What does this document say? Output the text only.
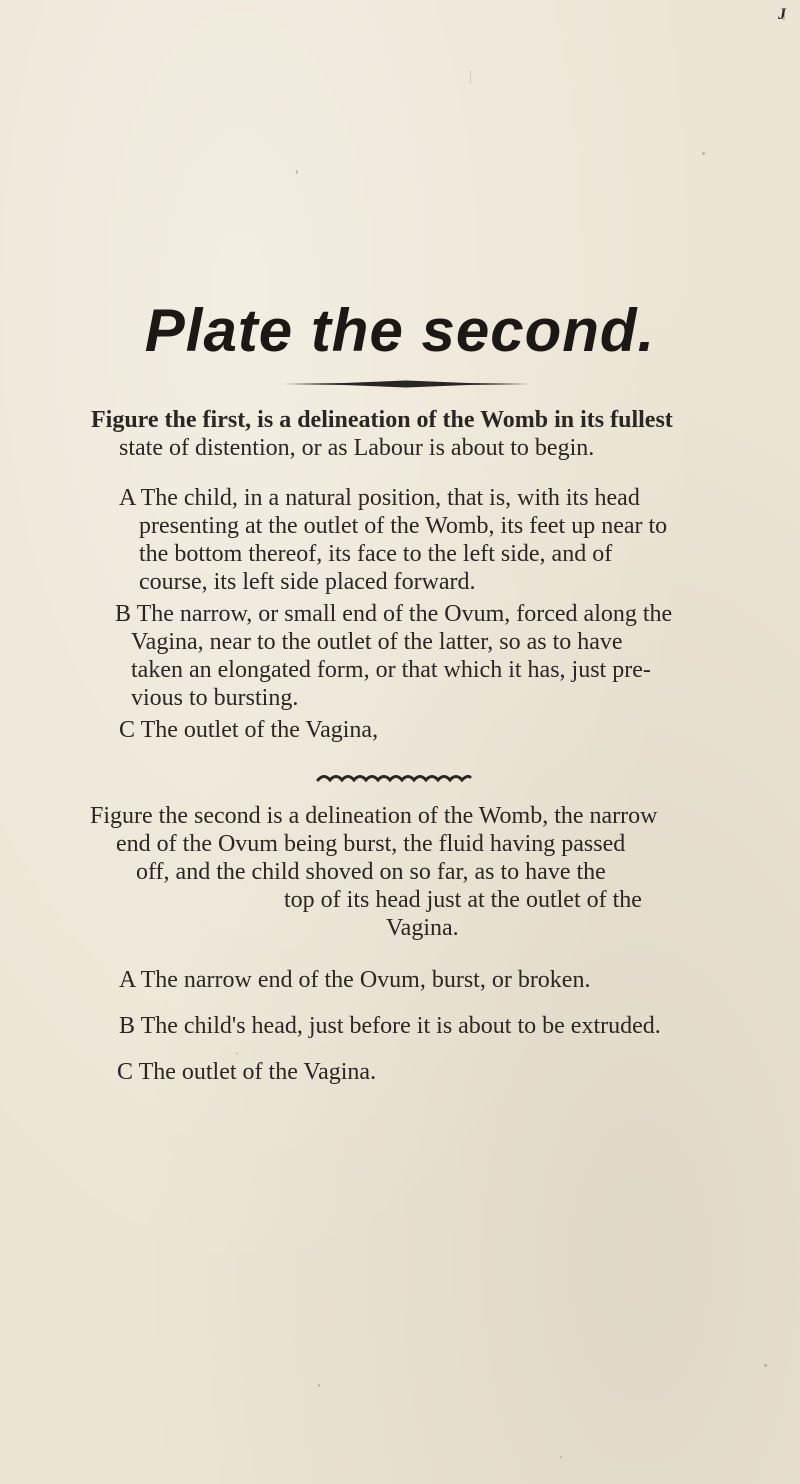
J
Plate the second.
Figure the first, is a delineation of the Womb in its fullest
state of distention, or as Labour is about to begin.
A The child, in a natural position, that is, with its head
presenting at the outlet of the Womb, its feet up near to
the bottom thereof, its face to the left side, and of
course, its left side placed forward.
B The narrow, or small end of the Ovum, forced along the
Vagina, near to the outlet of the latter, so as to have
taken an elongated form, or that which it has, just pre-
vious to bursting.
C The outlet of the Vagina,
Figure the second is a delineation of the Womb, the narrow
end of the Ovum being burst, the fluid having passed
off, and the child shoved on so far, as to have the
top of its head just at the outlet of the
Vagina.
A The narrow end of the Ovum, burst, or broken.
B The child's head, just before it is about to be extruded.
C The outlet of the Vagina.
